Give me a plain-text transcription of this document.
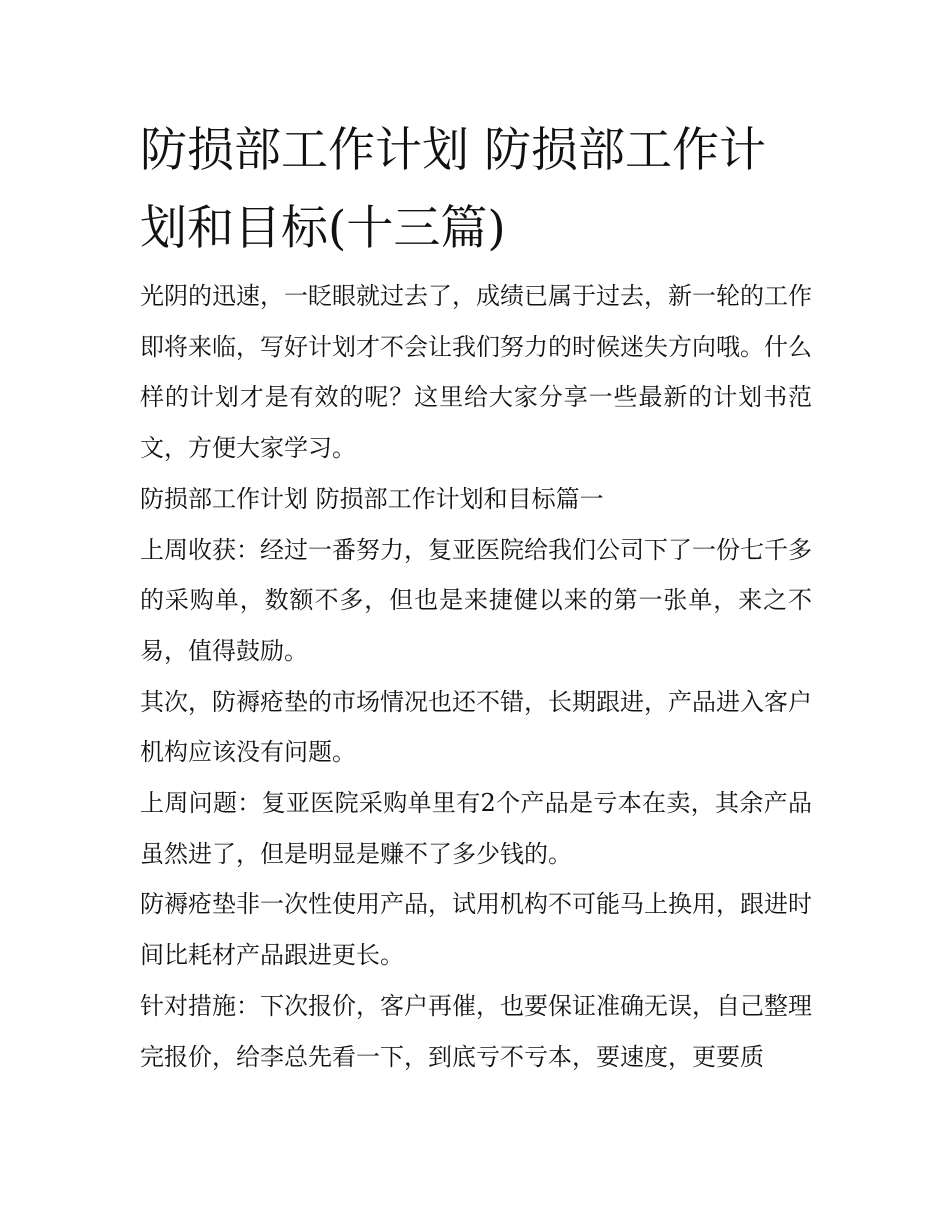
防损部工作计划 防损部工作计划和目标(十三篇)

光阴的迅速，一眨眼就过去了，成绩已属于过去，新一轮的工作即将来临，写好计划才不会让我们努力的时候迷失方向哦。什么样的计划才是有效的呢？这里给大家分享一些最新的计划书范文，方便大家学习。

防损部工作计划 防损部工作计划和目标篇一

上周收获：经过一番努力，复亚医院给我们公司下了一份七千多的采购单，数额不多，但也是来捷健以来的第一张单，来之不易，值得鼓励。

其次，防褥疮垫的市场情况也还不错，长期跟进，产品进入客户机构应该没有问题。

上周问题：复亚医院采购单里有2个产品是亏本在卖，其余产品虽然进了，但是明显是赚不了多少钱的。

防褥疮垫非一次性使用产品，试用机构不可能马上换用，跟进时间比耗材产品跟进更长。

针对措施：下次报价，客户再催，也要保证准确无误，自己整理完报价，给李总先看一下，到底亏不亏本，要速度，更要质
